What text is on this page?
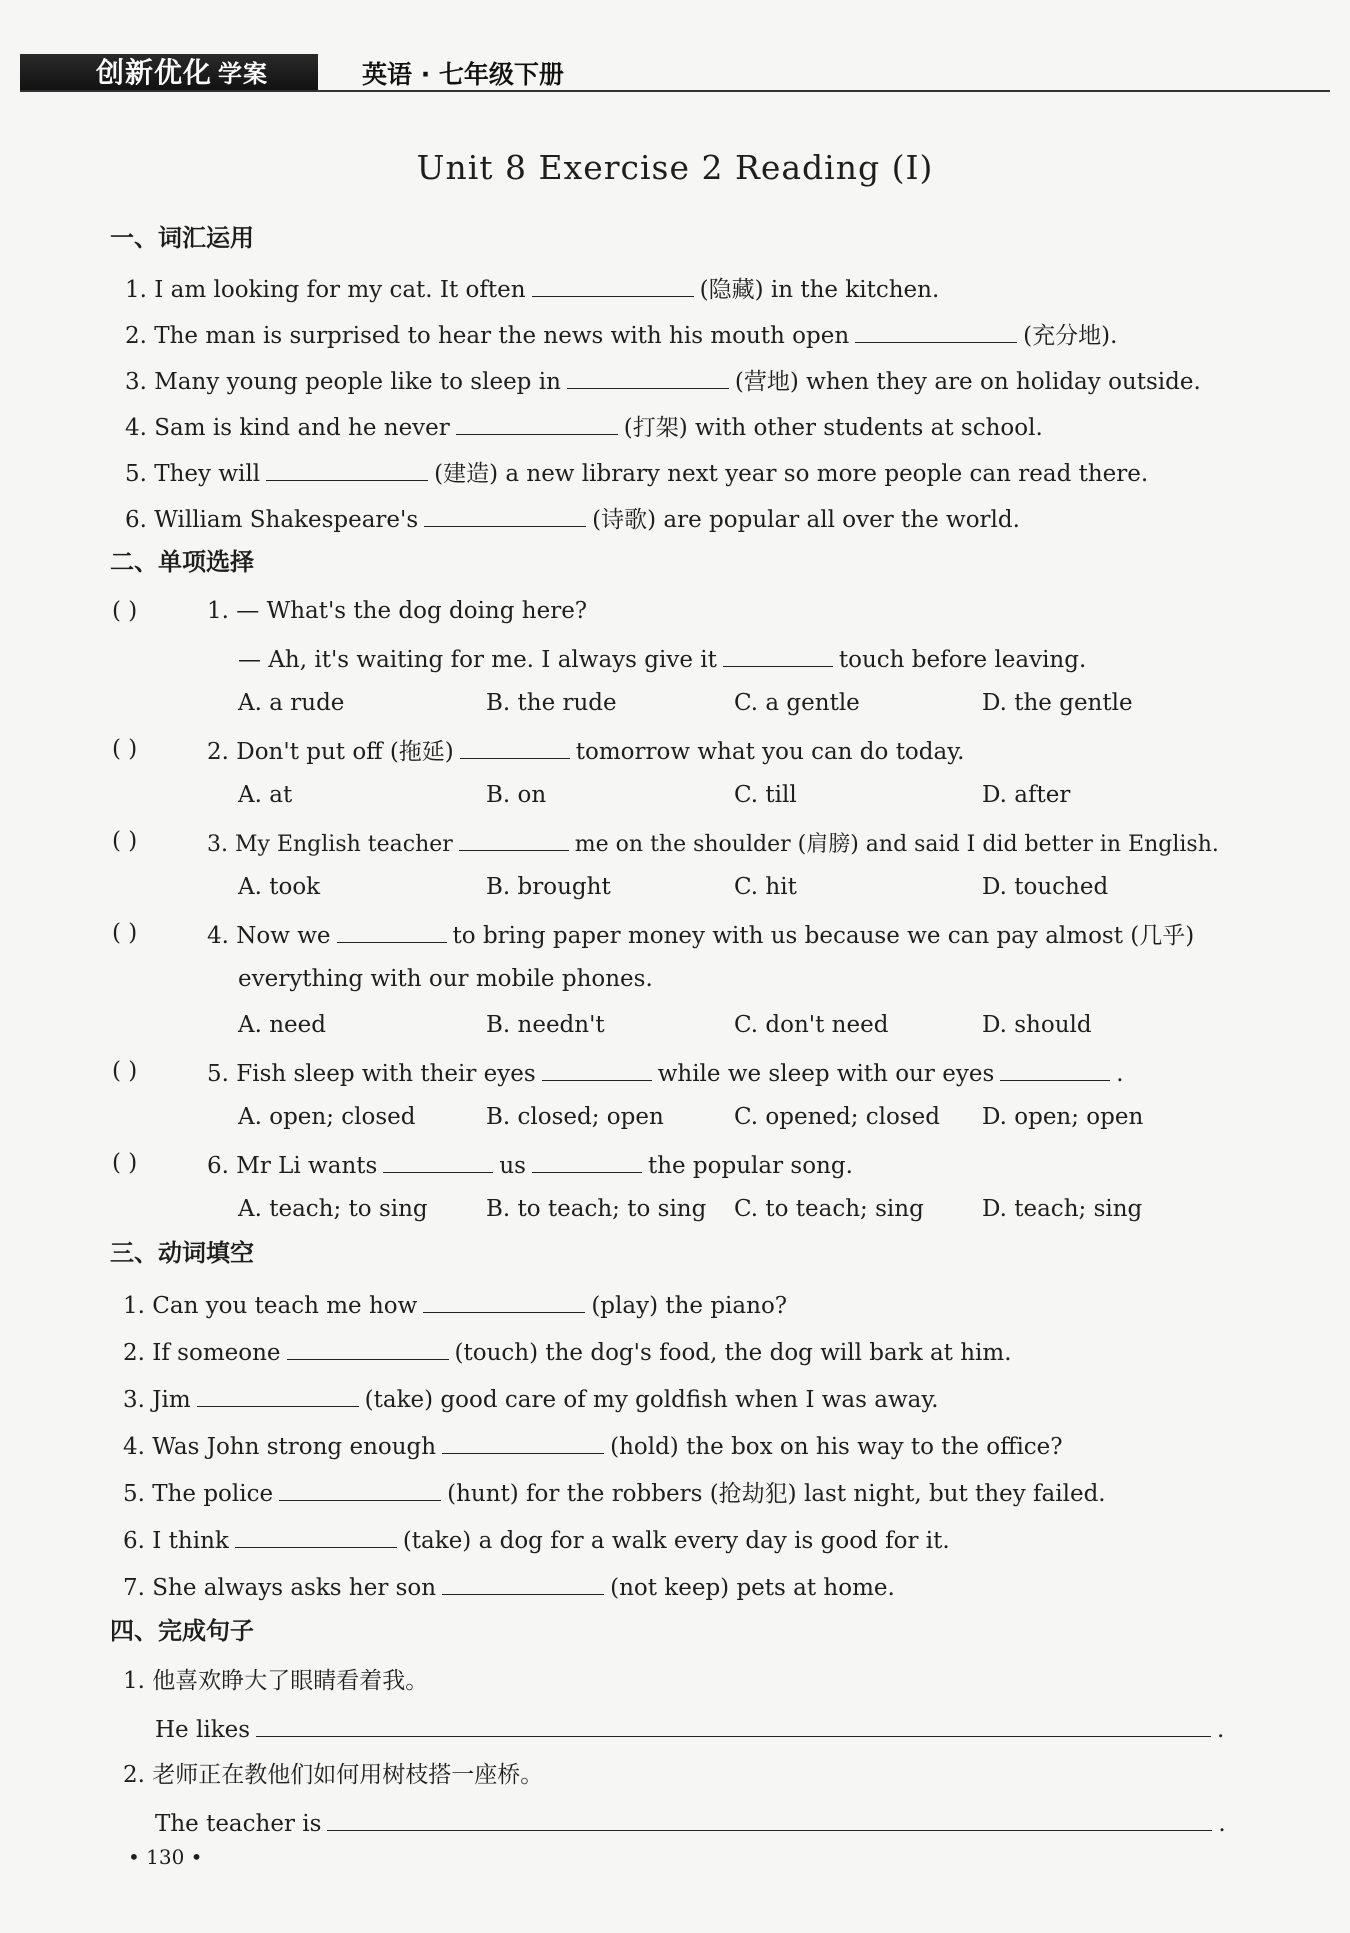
创新优化 学案	英语 · 七年级下册
Unit 8 Exercise 2 Reading (Ⅰ)
一、词汇运用
1. I am looking for my cat. It often	(隐藏) in the kitchen.
2. The man is surprised to hear the news with his mouth open	(充分地).
3. Many young people like to sleep in	(营地) when they are on holiday outside.
4. Sam is kind and he never	(打架) with other students at school.
5. They will	(建造) a new library next year so more people can read there.
6. William Shakespeare's	(诗歌) are popular all over the world.
二、单项选择
( )	1. — What's the dog doing here?
— Ah, it's waiting for me. I always give it	touch before leaving.
A. a rude	B. the rude	C. a gentle	D. the gentle
( )	2. Don't put off (拖延)	tomorrow what you can do today.
A. at	B. on	C. till	D. after
( )	3. My English teacher	me on the shoulder (肩膀) and said I did better in English.
A. took	B. brought	C. hit	D. touched
( )	4. Now we	to bring paper money with us because we can pay almost (几乎)
everything with our mobile phones.
A. need	B. needn't	C. don't need	D. should
( )	5. Fish sleep with their eyes	while we sleep with our eyes	.
A. open; closed	B. closed; open	C. opened; closed D. open; open
( )	6. Mr Li wants	us	the popular song.
A. teach; to sing	B. to teach; to sing C. to teach; sing	D. teach; sing
三、动词填空
1. Can you teach me how	(play) the piano?
2. If someone	(touch) the dog's food, the dog will bark at him.
3. Jim	(take) good care of my goldfish when I was away.
4. Was John strong enough	(hold) the box on his way to the office?
5. The police	(hunt) for the robbers (抢劫犯) last night, but they failed.
6. I think	(take) a dog for a walk every day is good for it.
7. She always asks her son	(not keep) pets at home.
四、完成句子
1. 他喜欢睁大了眼睛看着我。
He likes	.
2. 老师正在教他们如何用树枝搭一座桥。
The teacher is	.
• 130 •
